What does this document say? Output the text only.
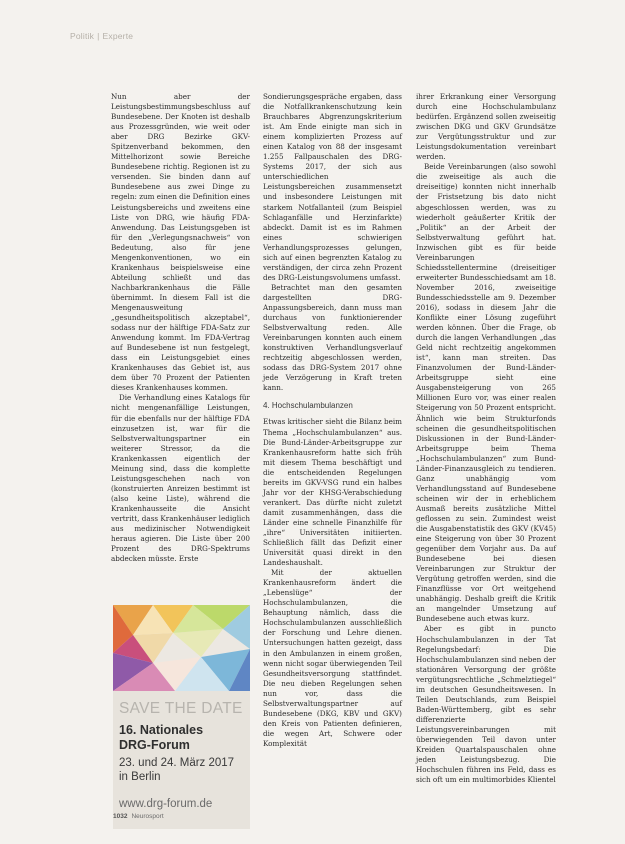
Politik | Experte

Nun aber der Leistungsbestimmungsbeschluss auf Bundesebene. Der Knoten ist deshalb aus Prozessgründen, wie weit oder aber DRG Bezirke GKV-Spitzenverband bekommen, den Mittelhorizont sowie Bereiche Bundesebene richtig. Regionen ist zu versenden. Sie binden dann auf Bundesebene aus zwei Dinge zu regeln: zum einen die Definition eines Leistungsbereichs und zweitens eine Liste von DRG, wie häufig FDA-Anwendung. Das Leistungsgeben ist für den „Verlegungsnachweis“ von Bedeutung, also für jene Mengenkonventionen, wo ein Krankenhaus beispielsweise eine Abteilung schließt und das Nachbarkrankenhaus die Fälle übernimmt. In diesem Fall ist die Mengenausweitung „gesundheitspolitisch akzeptabel“, sodass nur der hälftige FDA-Satz zur Anwendung kommt. Im FDA-Vertrag auf Bundesebene ist nun festgelegt, dass ein Leistungsgebiet eines Krankenhauses das Gebiet ist, aus dem über 70 Prozent der Patienten dieses Krankenhauses kommen.

Die Verhandlung eines Katalogs für nicht mengenanfällige Leistungen, für die ebenfalls nur der hälftige FDA einzusetzen ist, war für die Selbstverwaltungspartner ein weiterer Stressor, da die Krankenkassen eigentlich der Meinung sind, dass die komplette Leistungsgeschehen nach von (konstruierten Anreizen bestimmt ist (also keine Liste), während die Krankenhausseite die Ansicht vertritt, dass Krankenhäuser lediglich aus medizinischer Notwendigkeit heraus agieren. Die Liste über 200 Prozent des DRG-Spektrums abdecken müsste. Erste

Sondierungsgespräche ergaben, dass die Notfallkrankenschutzung kein Brauchbares Abgrenzungskriterium ist. Am Ende einigte man sich in einem komplizierten Prozess auf einen Katalog von 88 der insgesamt 1.255 Fallpauschalen des DRG-Systems 2017, der sich aus unterschiedlichen Leistungsbereichen zusammensetzt und insbesondere Leistungen mit starkem Notfallanteil (zum Beispiel Schlaganfälle und Herzinfarkte) abdeckt. Damit ist es im Rahmen eines schwierigen Verhandlungsprozesses gelungen, sich auf einen begrenzten Katalog zu verständigen, der circa zehn Prozent des DRG-Leistungsvolumens umfasst.

Betrachtet man den gesamten dargestellten DRG-Anpassungsbereich, dann muss man durchaus von funktionierender Selbstverwaltung reden. Alle Vereinbarungen konnten auch einem konstruktiven Verhandlungsverlauf rechtzeitig abgeschlossen werden, sodass das DRG-System 2017 ohne jede Verzögerung in Kraft treten kann.

4. Hochschulambulanzen

Etwas kritischer sieht die Bilanz beim Thema „Hochschulambulanzen“ aus. Die Bund-Länder-Arbeitsgruppe zur Krankenhausreform hatte sich früh mit diesem Thema beschäftigt und die entscheidenden Regelungen bereits im GKV-VSG rund ein halbes Jahr vor der KHSG-Verabschiedung verankert. Das dürfte nicht zuletzt damit zusammenhängen, dass die Länder eine schnelle Finanzhilfe für „ihre“ Universitäten initiierten. Schließlich fällt das Defizit einer Universität quasi direkt in den Landeshaushalt.

Mit der aktuellen Krankenhausreform ändert die „Lebenslüge“ der Hochschulambulanzen, die Behauptung nämlich, dass die Hochschulambulanzen ausschließlich der Forschung und Lehre dienen. Untersuchungen hatten gezeigt, dass in den Ambulanzen in einem großen, wenn nicht sogar überwiegenden Teil Gesundheitsversorgung stattfindet. Die neu dieben Regelungen sehen nun vor, dass die Selbstverwaltungspartner auf Bundesebene (DKG, KBV und GKV) den Kreis von Patienten definieren, die wegen Art, Schwere oder Komplexität

ihrer Erkrankung einer Versorgung durch eine Hochschulambulanz bedürfen. Ergänzend sollen zweiseitig zwischen DKG und GKV Grundsätze zur Vergütungsstruktur und zur Leistungsdokumentation vereinbart werden.

Beide Vereinbarungen (also sowohl die zweiseitige als auch die dreiseitige) konnten nicht innerhalb der Fristsetzung bis dato nicht abgeschlossen werden, was zu wiederholt geäußerter Kritik der „Politik“ an der Arbeit der Selbstverwaltung geführt hat. Inzwischen gibt es für beide Vereinbarungen Schiedsstellentermine (dreiseitiger erweiterter Bundesschiedsamt am 18. November 2016, zweiseitige Bundesschiedsstelle am 9. Dezember 2016), sodass in diesem Jahr die Konflikte einer Lösung zugeführt werden können. Über die Frage, ob durch die langen Verhandlungen „das Geld nicht rechtzeitig angekommen ist“, kann man streiten. Das Finanzvolumen der Bund-Länder-Arbeitsgruppe sieht eine Ausgabensteigerung von 265 Millionen Euro vor, was einer realen Steigerung von 50 Prozent entspricht. Ähnlich wie beim Strukturfonds scheinen die gesundheitspolitischen Diskussionen in der Bund-Länder-Arbeitsgruppe beim Thema „Hochschulambulanzen“ zum Bund-Länder-Finanzausgleich zu tendieren. Ganz unabhängig vom Verhandlungsstand auf Bundesebene scheinen wir der in erheblichem Ausmaß bereits zusätzliche Mittel geflossen zu sein. Zumindest weist die Ausgabenstatistik des GKV (KV45) eine Steigerung von über 30 Prozent gegenüber dem Vorjahr aus. Da auf Bundesebene bei diesen Vereinbarungen zur Struktur der Vergütung getroffen werden, sind die Finanzflüsse vor Ort weitgehend unabhängig. Deshalb greift die Kritik an mangelnder Umsetzung auf Bundesebene auch etwas kurz.

Aber es gibt in puncto Hochschulambulanzen in der Tat Regelungsbedarf: Die Hochschulambulanzen sind neben der stationären Versorgung der größte vergütungsrechtliche „Schmelztiegel“ im deutschen Gesundheitswesen. In Teilen Deutschlands, zum Beispiel Baden-Württemberg, gibt es sehr differenzierte Leistungsvereinbarungen mit überwiegenden Teil davon unter Kreiden Quartalspauschalen ohne jeden Leistungsbezug. Die Hochschulen führen ins Feld, dass es sich oft um ein multimorbides Klientel

SAVE THE DATE
16. Nationales
DRG-Forum
23. und 24. März 2017
in Berlin
www.drg-forum.de
1032 Neurosport
